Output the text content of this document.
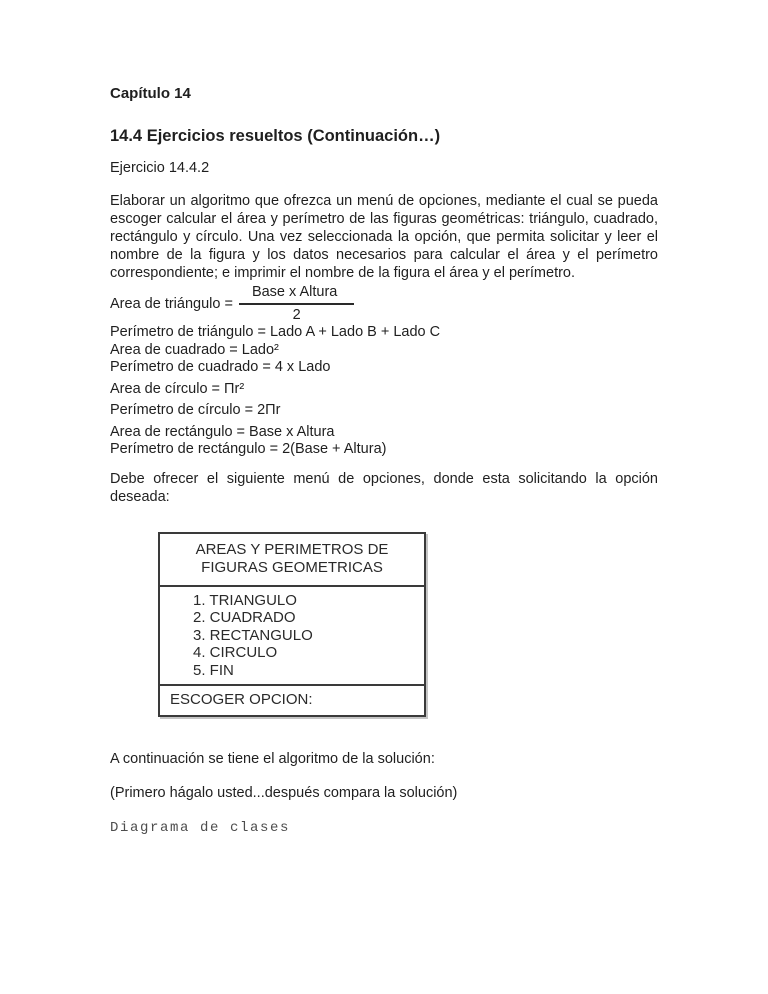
Capítulo 14
14.4 Ejercicios resueltos (Continuación…)

Ejercicio 14.4.2

Elaborar un algoritmo que ofrezca un menú de opciones, mediante el cual se pueda escoger calcular el área y perímetro de las figuras geométricas: triángulo, cuadrado, rectángulo y círculo. Una vez seleccionada la opción, que permita solicitar y leer el nombre de la figura y los datos necesarios para calcular el área y el perímetro correspondiente; e imprimir el nombre de la figura el área y el perímetro.

Area de triángulo = $\frac{\text{Base x Altura}}{2}$
Perímetro de triángulo = Lado A + Lado B + Lado C
Area de cuadrado = Lado²
Perímetro de cuadrado = 4 x Lado
Area de círculo = Πr²
Perímetro de círculo = 2Πr
Area de rectángulo = Base x Altura
Perímetro de rectángulo = 2(Base + Altura)

Debe ofrecer el siguiente menú de opciones, donde esta solicitando la opción deseada:

AREAS Y PERIMETROS DE
FIGURAS GEOMETRICAS
1. TRIANGULO
2. CUADRADO
3. RECTANGULO
4. CIRCULO
5. FIN
ESCOGER OPCION:

A continuación se tiene el algoritmo de la solución:

(Primero hágalo usted...después compara la solución)

Diagrama de clases
